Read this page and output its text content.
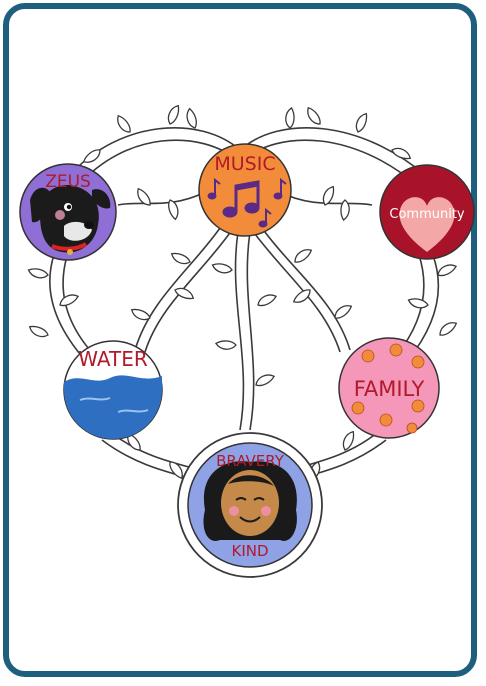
ZEUS
MUSIC
Community
WATER
FAMILY
BRAVERY
KIND
